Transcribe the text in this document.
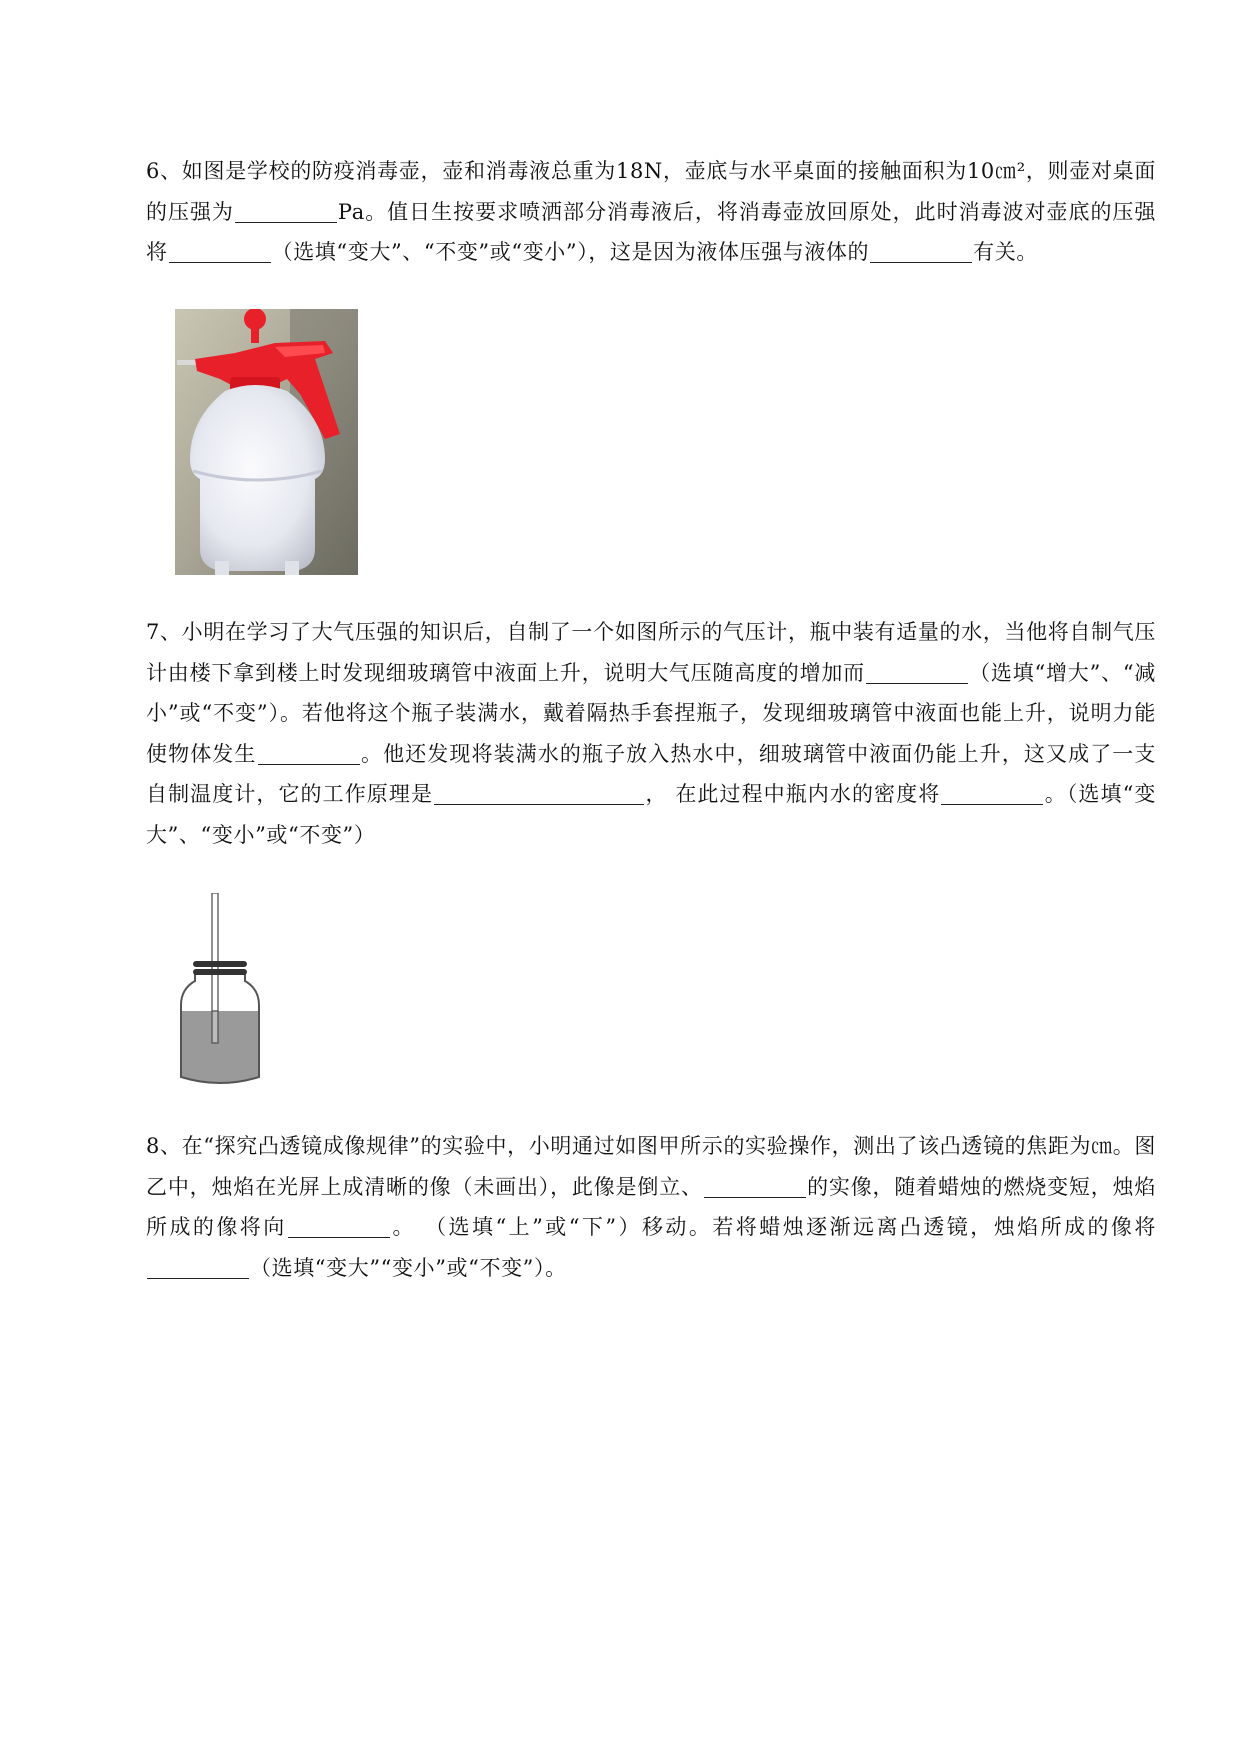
6、如图是学校的防疫消毒壶，壶和消毒液总重为18N，壶底与水平桌面的接触面积为10㎝²，则壶对桌面的压强为	Pa。值日生按要求喷洒部分消毒液后，将消毒壶放回原处，此时消毒波对壶底的压强将	（选填“变大”、“不变”或“变小”），这是因为液体压强与液体的	有关。
7、小明在学习了大气压强的知识后，自制了一个如图所示的气压计，瓶中装有适量的水，当他将自制气压计由楼下拿到楼上时发现细玻璃管中液面上升，说明大气压随高度的增加而	（选填“增大”、“减小”或“不变”）。若他将这个瓶子装满水，戴着隔热手套捏瓶子，发现细玻璃管中液面也能上升，说明力能使物体发生	。他还发现将装满水的瓶子放入热水中，细玻璃管中液面仍能上升，这又成了一支自制温度计，它的工作原理是	， 在此过程中瓶内水的密度将	。（选填“变大”、“变小”或“不变”）
8、在“探究凸透镜成像规律”的实验中，小明通过如图甲所示的实验操作，测出了该凸透镜的焦距为㎝。图乙中，烛焰在光屏上成清晰的像（未画出），此像是倒立、	的实像，随着蜡烛的燃烧变短，烛焰所成的像将向	。 （选填“上”或“下”）移动。若将蜡烛逐渐远离凸透镜，烛焰所成的像将（选填“变大”“变小”或“不变”）。
